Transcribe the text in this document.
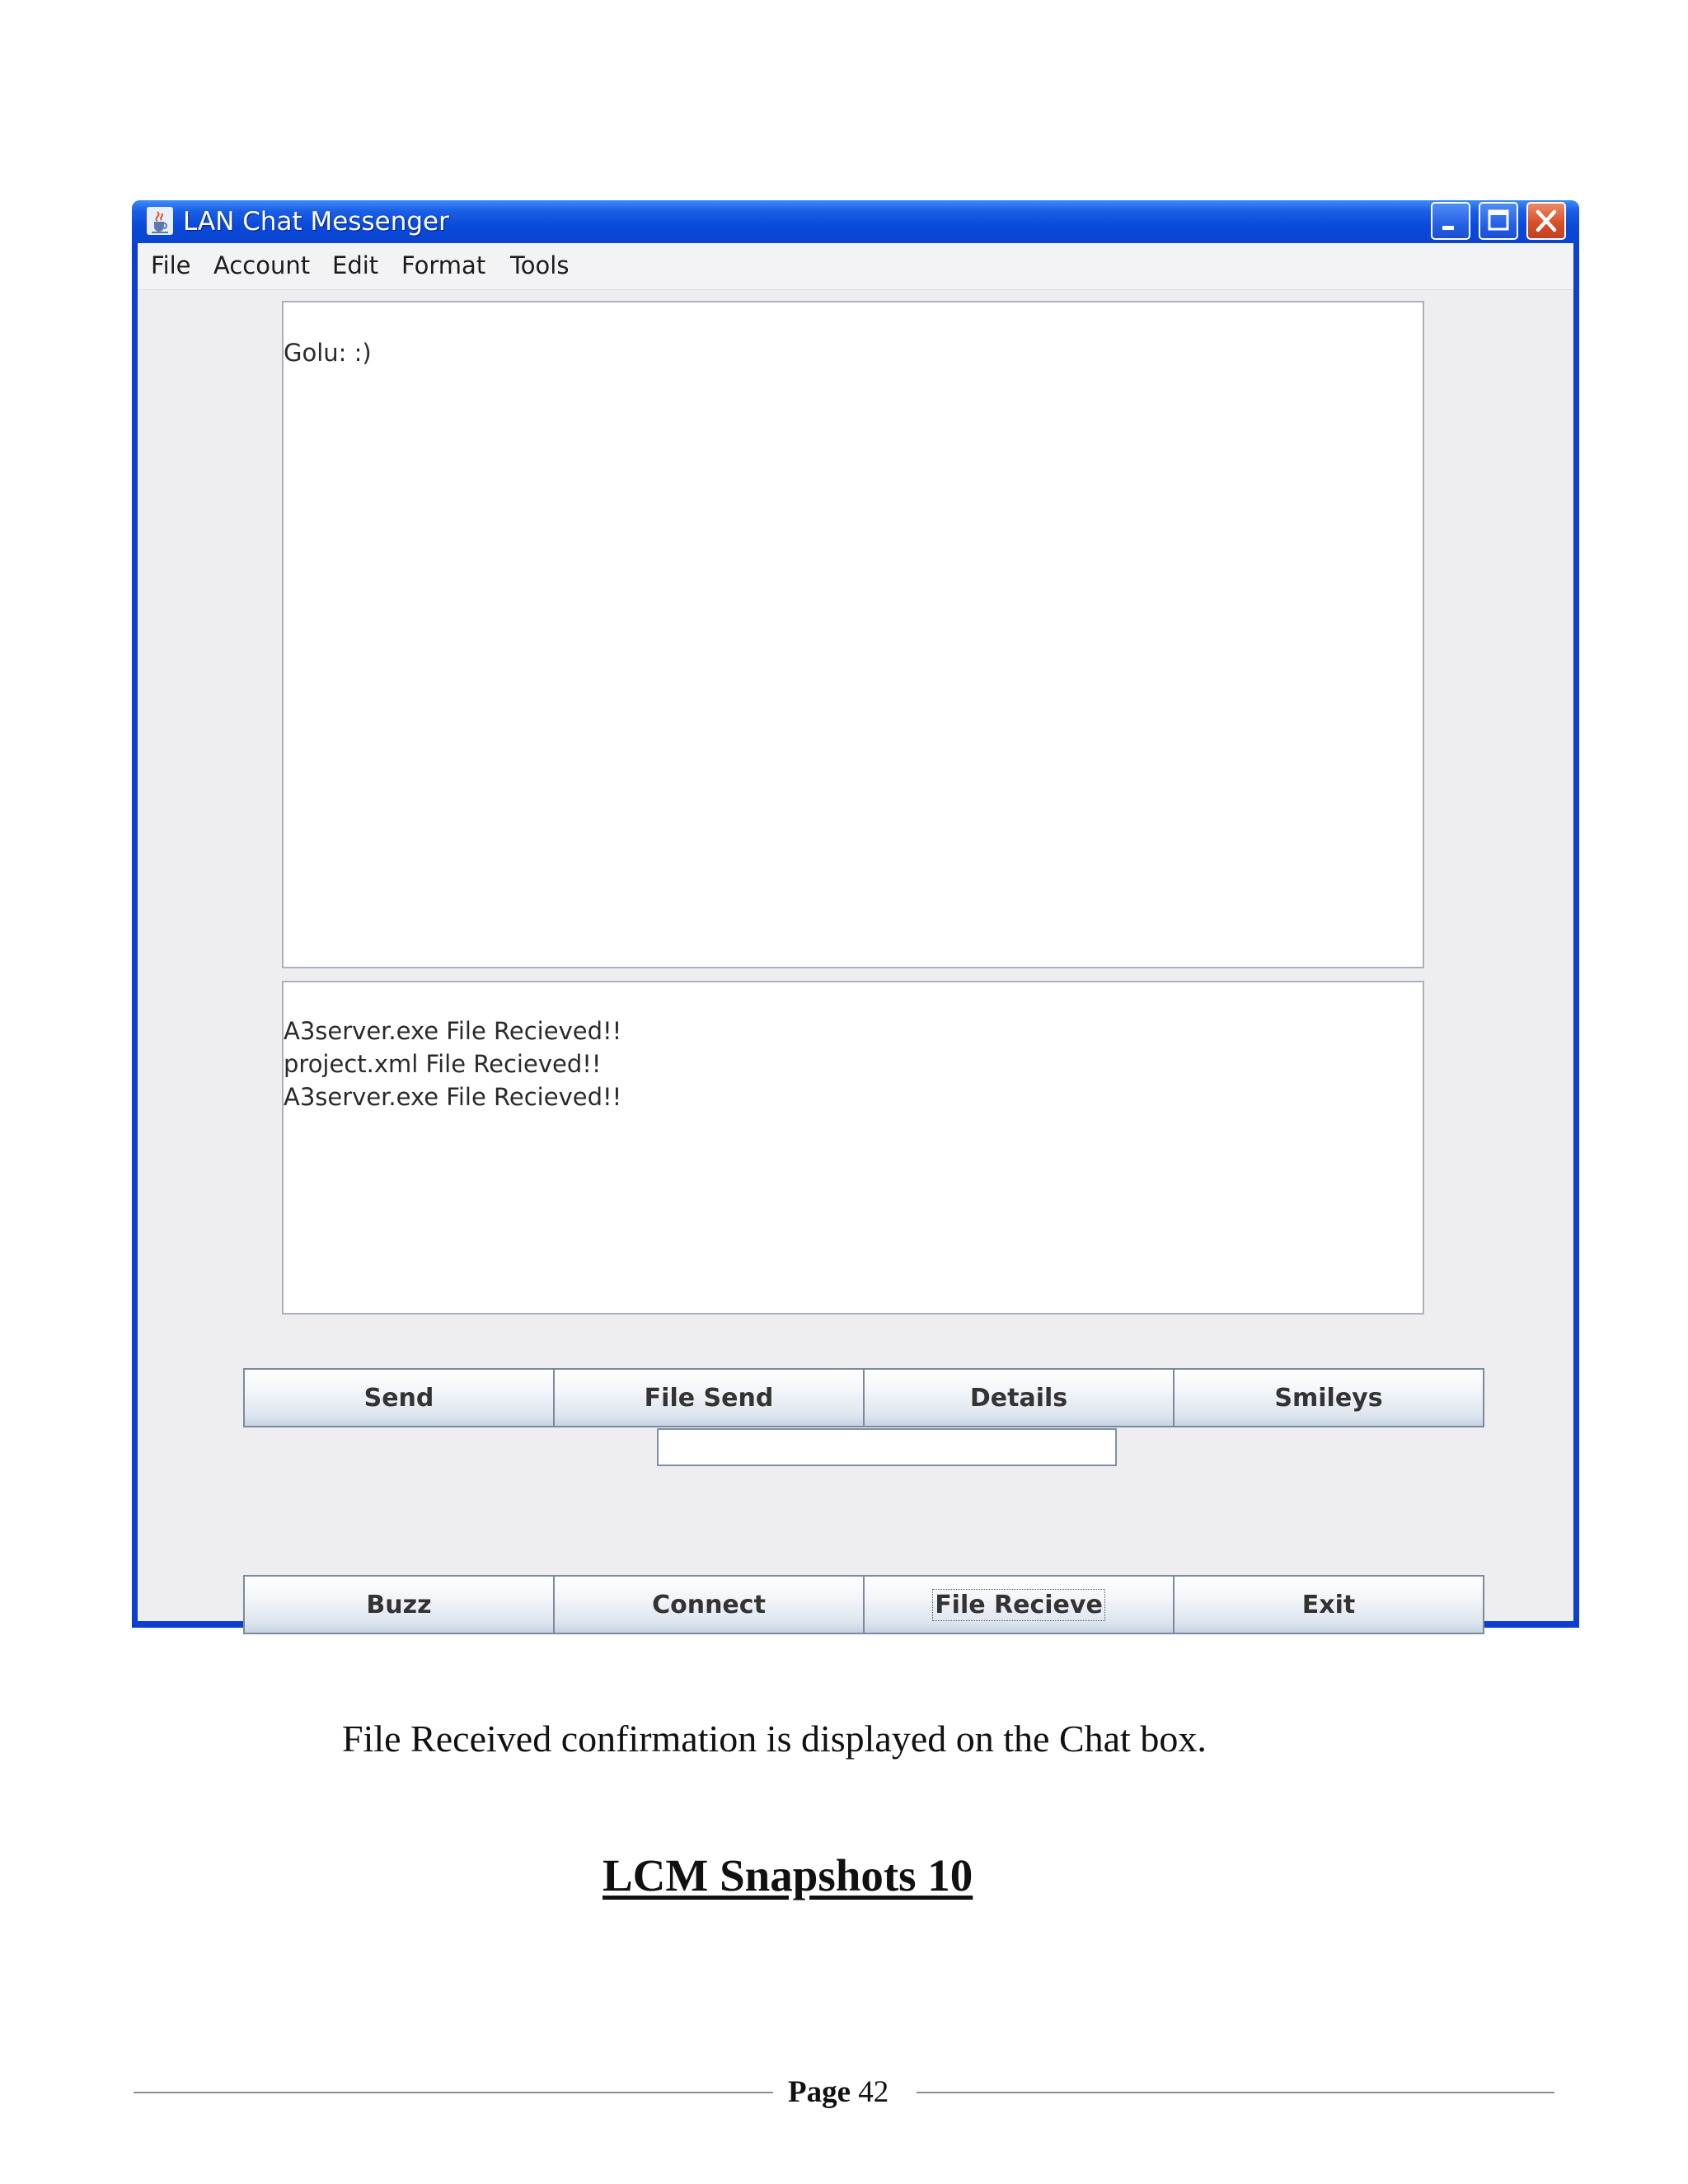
LAN Chat Messenger
File Account Edit Format Tools
Golu: :)
A3server.exe File Recieved!!
project.xml File Recieved!!
A3server.exe File Recieved!!
Send	File Send	Details	Smileys
Buzz	Connect	File Recieve	Exit
File Received confirmation is displayed on the Chat box.
LCM Snapshots 10
Page 42
